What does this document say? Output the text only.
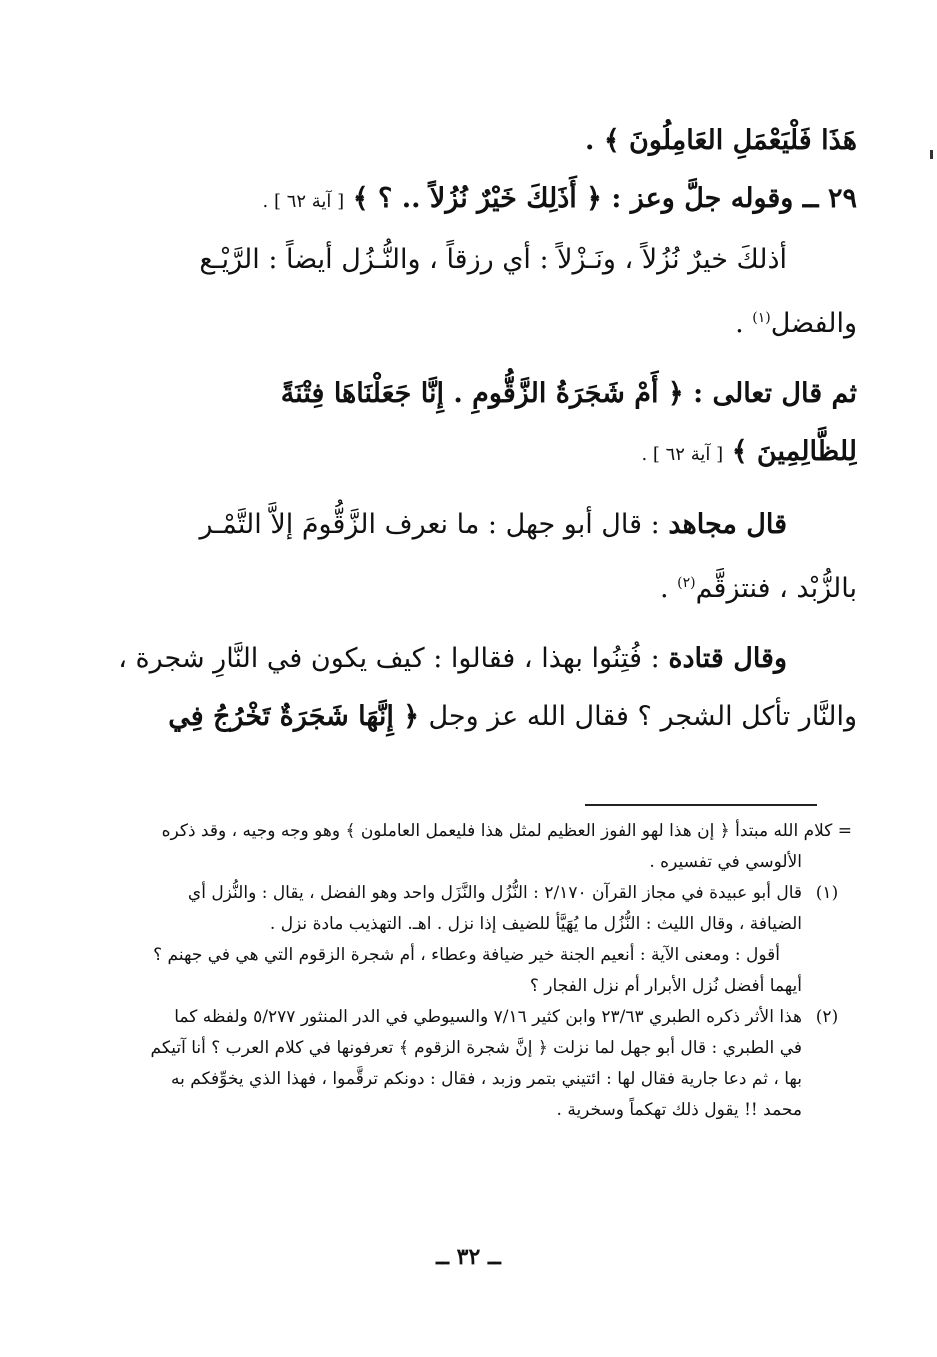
هَذَا فَلْيَعْمَلِ العَامِلُونَ ﴾ .
٢٩ ــ وقوله جلَّ وعز : ﴿ أَذَلِكَ خَيْرٌ نُزُلاً .. ؟ ﴾ [ آية ٦٢ ] .
أذلكَ خيرٌ نُزُلاً ، ونَـزْلاً : أي رزقاً ، والنُّـزُل أيضاً : الرَّيْـع
والفضل$^{(١)}$ .
ثم قال تعالى : ﴿ أَمْ شَجَرَةُ الزَّقُّومِ . إِنَّا جَعَلْنَاهَا فِتْنَةً
لِلظَّالِمِينَ ﴾ [ آية ٦٢ ] .
قال مجاهد : قال أبو جهل : ما نعرف الزَّقُّومَ إلاَّ التَّمْـر
بالزُّبْد ، فنتزقَّم$^{(٢)}$ .
وقال قتادة : فُتِنُوا بهذا ، فقالوا : كيف يكون في النَّارِ شجرة ،
والنَّار تأكل الشجر ؟ فقال الله عز وجل ﴿ إِنَّهَا شَجَرَةٌ تَخْرُجُ فِي
= كلام الله مبتدأ ﴿ إن هذا لهو الفوز العظيم لمثل هذا فليعمل العاملون ﴾ وهو وجه وجيه ، وقد ذكره
الألوسي في تفسيره .
(١)
قال أبو عبيدة في مجاز القرآن ٢/١٧٠ : النُّزُل والنَّزَل واحد وهو الفضل ، يقال : والنُّزل أي
الضيافة ، وقال الليث : النُّزُل ما يُهَيَّأ للضيف إذا نزل . اهـ. التهذيب مادة نزل .
أقول : ومعنى الآية : أنعيم الجنة خير ضيافة وعطاء ، أم شجرة الزقوم التي هي في جهنم ؟
أيهما أفضل نُزل الأبرار أم نزل الفجار ؟
(٢)
هذا الأثر ذكره الطبري ٢٣/٦٣ وابن كثير ٧/١٦ والسيوطي في الدر المنثور ٥/٢٧٧ ولفظه كما
في الطبري : قال أبو جهل لما نزلت ﴿ إنَّ شجرة الزقوم ﴾ تعرفونها في كلام العرب ؟ أنا آتيكم
بها ، ثم دعا جارية فقال لها : ائتيني بتمر وزبد ، فقال : دونكم ترقَّموا ، فهذا الذي يخوِّفكم به
محمد !! يقول ذلك تهكماً وسخرية .
ــ ٣٢ ــ
